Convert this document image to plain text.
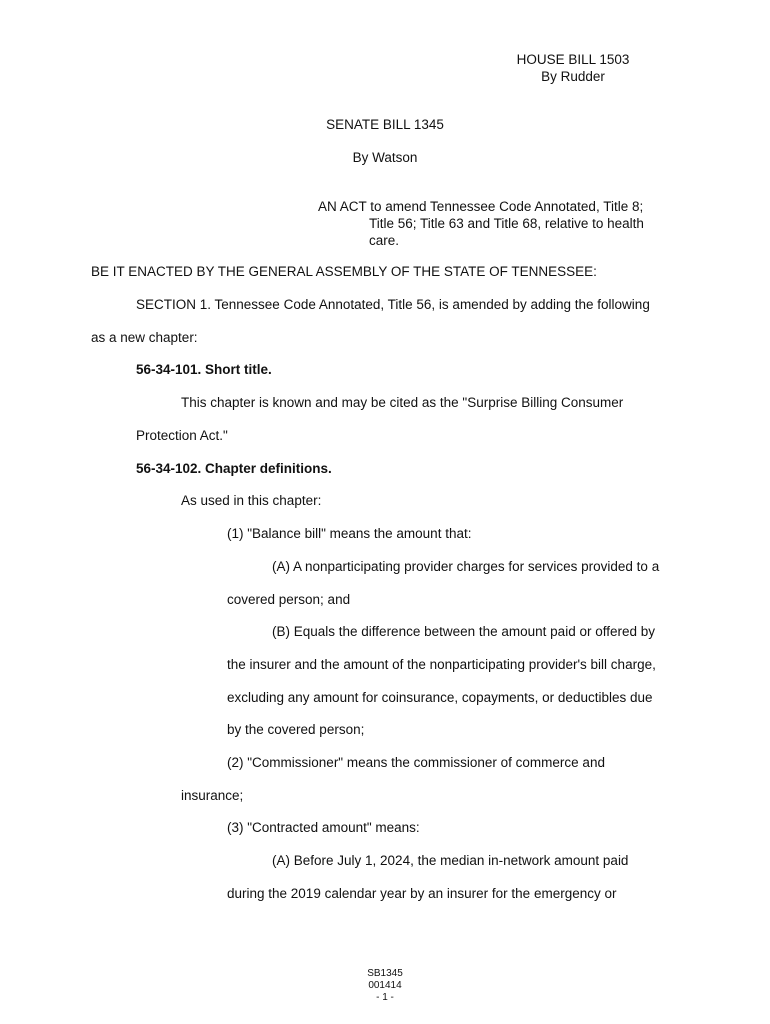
HOUSE BILL 1503
By Rudder
SENATE BILL 1345
By Watson
AN ACT to amend Tennessee Code Annotated, Title 8;
Title 56; Title 63 and Title 68, relative to health
care.
BE IT ENACTED BY THE GENERAL ASSEMBLY OF THE STATE OF TENNESSEE:
SECTION 1. Tennessee Code Annotated, Title 56, is amended by adding the following
as a new chapter:
56-34-101. Short title.
This chapter is known and may be cited as the "Surprise Billing Consumer
Protection Act."
56-34-102. Chapter definitions.
As used in this chapter:
(1) "Balance bill" means the amount that:
(A) A nonparticipating provider charges for services provided to a
covered person; and
(B) Equals the difference between the amount paid or offered by
the insurer and the amount of the nonparticipating provider's bill charge,
excluding any amount for coinsurance, copayments, or deductibles due
by the covered person;
(2) "Commissioner" means the commissioner of commerce and
insurance;
(3) "Contracted amount" means:
(A) Before July 1, 2024, the median in-network amount paid
during the 2019 calendar year by an insurer for the emergency or
SB1345
001414
- 1 -
